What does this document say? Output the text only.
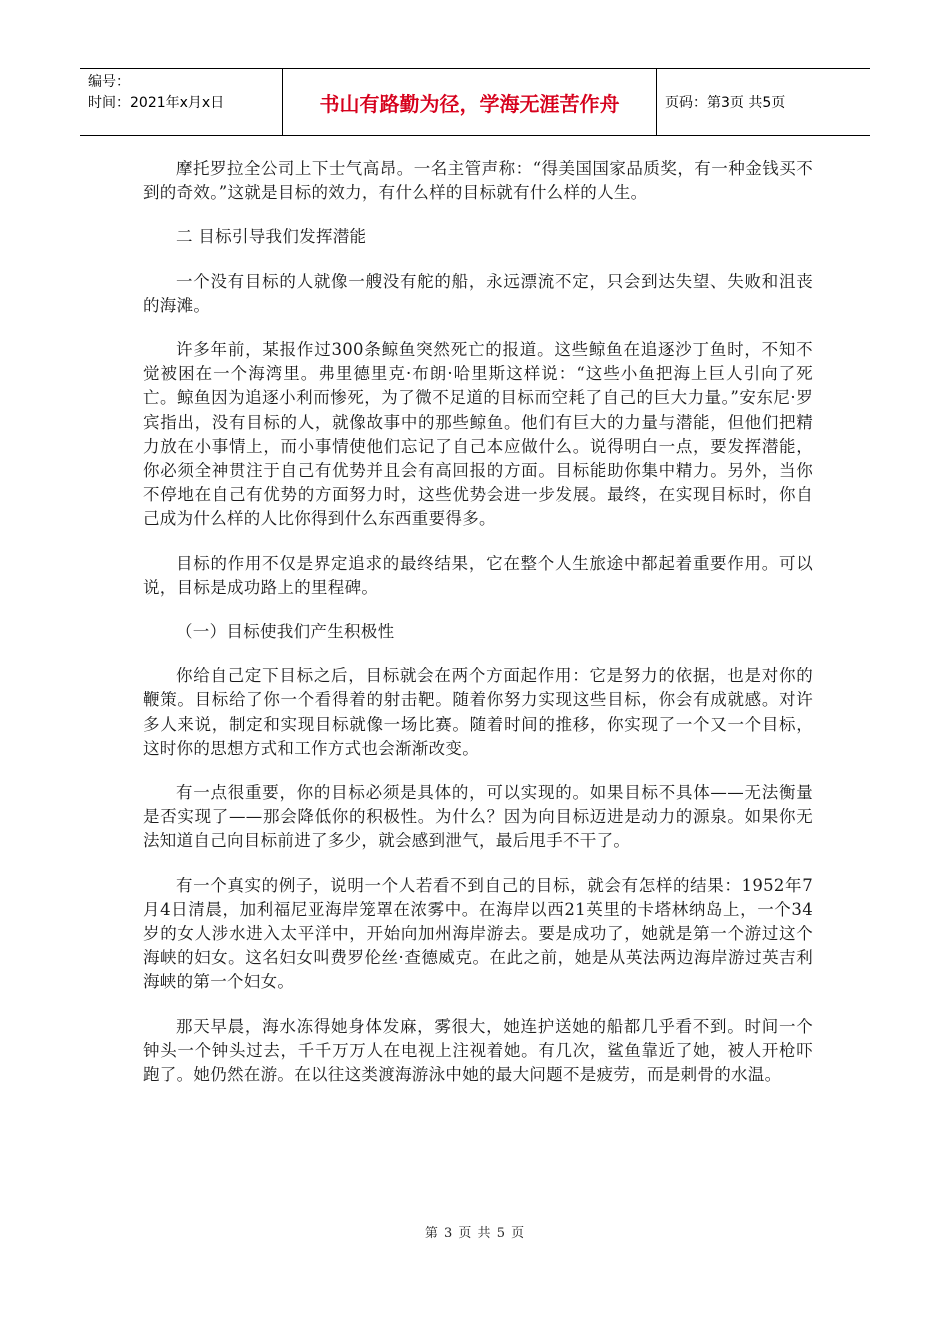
编号：
时间：2021年x月x日	书山有路勤为径，学海无涯苦作舟	页码：第3页 共5页

摩托罗拉全公司上下士气高昂。一名主管声称：“得美国国家品质奖，有一种金钱买不到的奇效。”这就是目标的效力，有什么样的目标就有什么样的人生。

二 目标引导我们发挥潜能

一个没有目标的人就像一艘没有舵的船，永远漂流不定，只会到达失望、失败和沮丧的海滩。

许多年前，某报作过300条鲸鱼突然死亡的报道。这些鲸鱼在追逐沙丁鱼时，不知不觉被困在一个海湾里。弗里德里克·布朗·哈里斯这样说：“这些小鱼把海上巨人引向了死亡。鲸鱼因为追逐小利而惨死，为了微不足道的目标而空耗了自己的巨大力量。”安东尼·罗宾指出，没有目标的人，就像故事中的那些鲸鱼。他们有巨大的力量与潜能，但他们把精力放在小事情上，而小事情使他们忘记了自己本应做什么。说得明白一点，要发挥潜能，你必须全神贯注于自己有优势并且会有高回报的方面。目标能助你集中精力。另外，当你不停地在自己有优势的方面努力时，这些优势会进一步发展。最终，在实现目标时，你自己成为什么样的人比你得到什么东西重要得多。

目标的作用不仅是界定追求的最终结果，它在整个人生旅途中都起着重要作用。可以说，目标是成功路上的里程碑。

（一）目标使我们产生积极性

你给自己定下目标之后，目标就会在两个方面起作用：它是努力的依据，也是对你的鞭策。目标给了你一个看得着的射击靶。随着你努力实现这些目标，你会有成就感。对许多人来说，制定和实现目标就像一场比赛。随着时间的推移，你实现了一个又一个目标，这时你的思想方式和工作方式也会渐渐改变。

有一点很重要，你的目标必须是具体的，可以实现的。如果目标不具体——无法衡量是否实现了——那会降低你的积极性。为什么？因为向目标迈进是动力的源泉。如果你无法知道自己向目标前进了多少，就会感到泄气，最后甩手不干了。

有一个真实的例子，说明一个人若看不到自己的目标，就会有怎样的结果：1952年7月4日清晨，加利福尼亚海岸笼罩在浓雾中。在海岸以西21英里的卡塔林纳岛上，一个34岁的女人涉水进入太平洋中，开始向加州海岸游去。要是成功了，她就是第一个游过这个海峡的妇女。这名妇女叫费罗伦丝·查德威克。在此之前，她是从英法两边海岸游过英吉利海峡的第一个妇女。

那天早晨，海水冻得她身体发麻，雾很大，她连护送她的船都几乎看不到。时间一个钟头一个钟头过去，千千万万人在电视上注视着她。有几次，鲨鱼靠近了她，被人开枪吓跑了。她仍然在游。在以往这类渡海游泳中她的最大问题不是疲劳，而是刺骨的水温。

第 3 页 共 5 页
